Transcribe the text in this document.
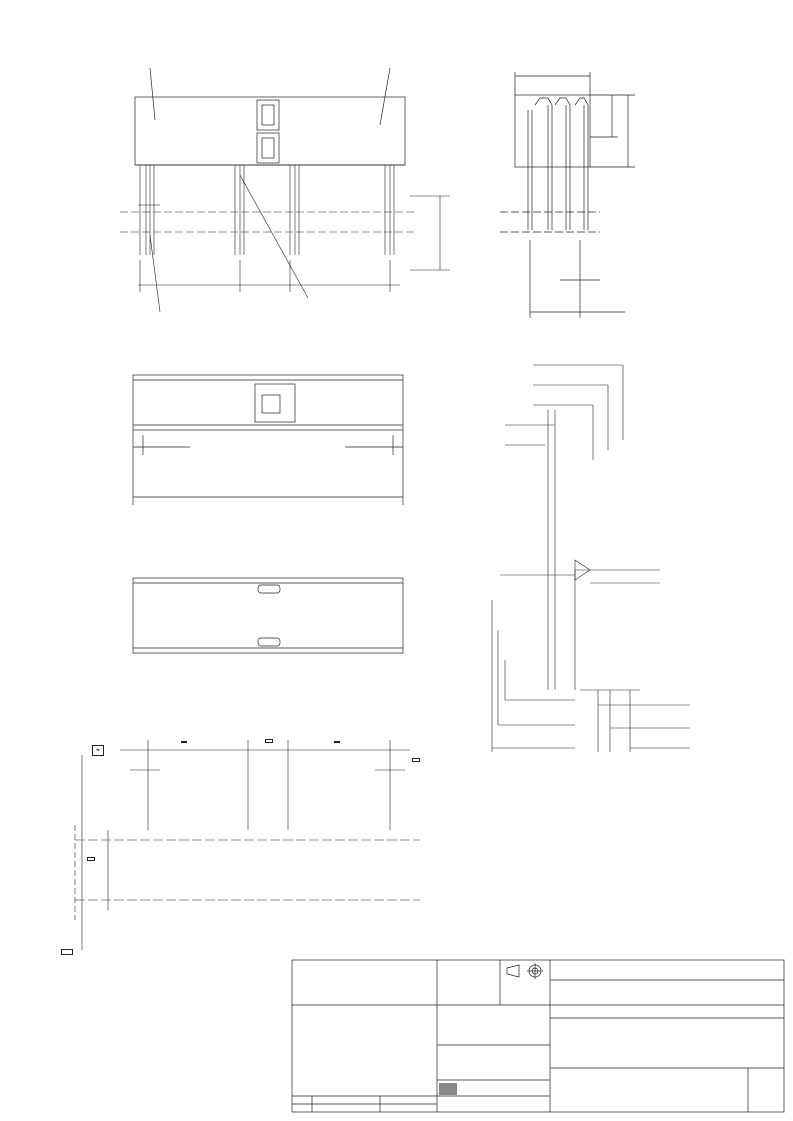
⌖
